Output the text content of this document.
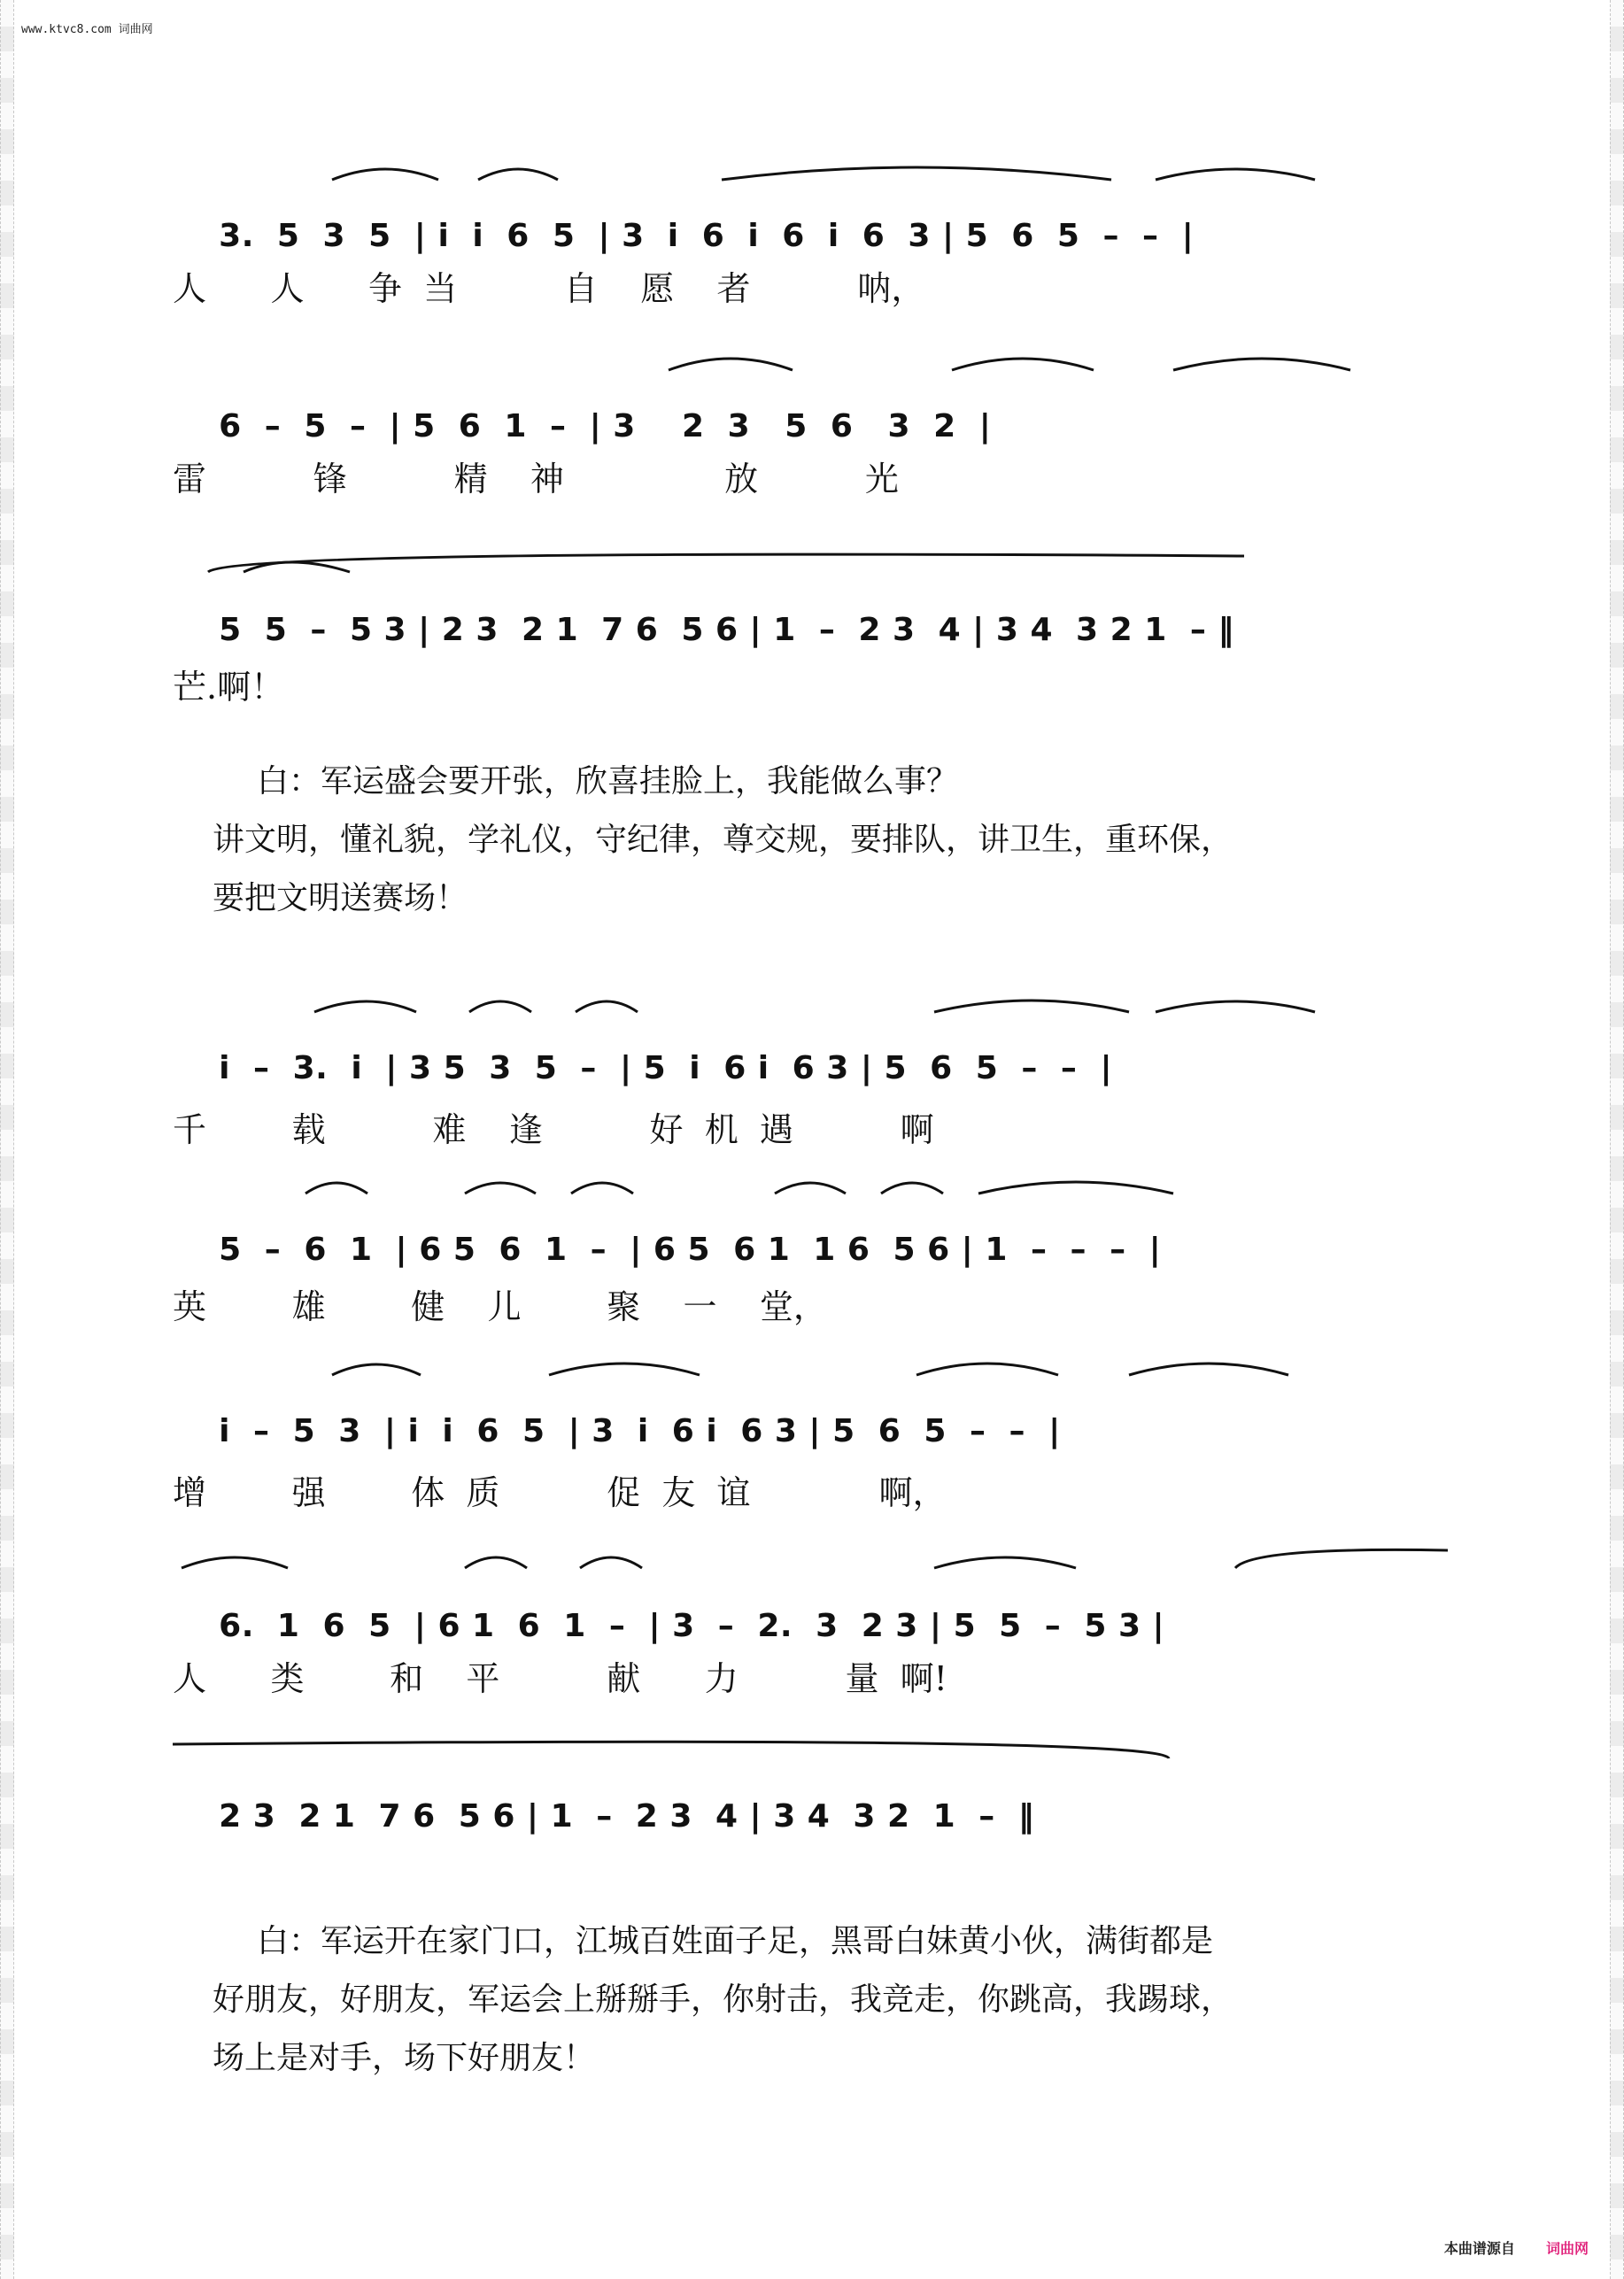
www.ktvc8.com 词曲网

3.  5  3  5  | i  i  6  5  | 3  i  6  i  6  i  6  3 | 5  6  5  –  –  |

人      人      争  当          自    愿    者          呐，

6  –  5  –  | 5  6  1  –  | 3    2  3   5  6   3  2  |

雷          锋          精    神               放          光

5  5  –  5 3 | 2 3  2 1  7 6  5 6 | 1  –  2 3  4 | 3 4  3 2 1  – ‖

芒.啊！

白：军运盛会要开张，欣喜挂脸上，我能做么事？

讲文明，懂礼貌，学礼仪，守纪律，尊交规，要排队，讲卫生，重环保，

要把文明送赛场！

i  –  3.  i  | 3 5  3  5  –  | 5  i  6 i  6 3 | 5  6  5  –  –  |

千        载          难    逢          好  机  遇          啊

5  –  6  1  | 6 5  6  1  –  | 6 5  6 1  1 6  5 6 | 1  –  –  –  |

英        雄        健    儿        聚    一    堂，

i  –  5  3  | i  i  6  5  | 3  i  6 i  6 3 | 5  6  5  –  –  |

增        强        体  质          促  友  谊            啊，

6.  1  6  5  | 6 1  6  1  –  | 3  –  2.  3  2 3 | 5  5  –  5 3 |

人      类        和    平          献      力          量  啊!

2 3  2 1  7 6  5 6 | 1  –  2 3  4 | 3 4  3 2  1  –  ‖

白：军运开在家门口，江城百姓面子足，黑哥白妹黄小伙，满街都是

好朋友，好朋友，军运会上掰掰手，你射击，我竞走，你跳高，我踢球，

场上是对手，场下好朋友！

本曲谱源自 词曲网
